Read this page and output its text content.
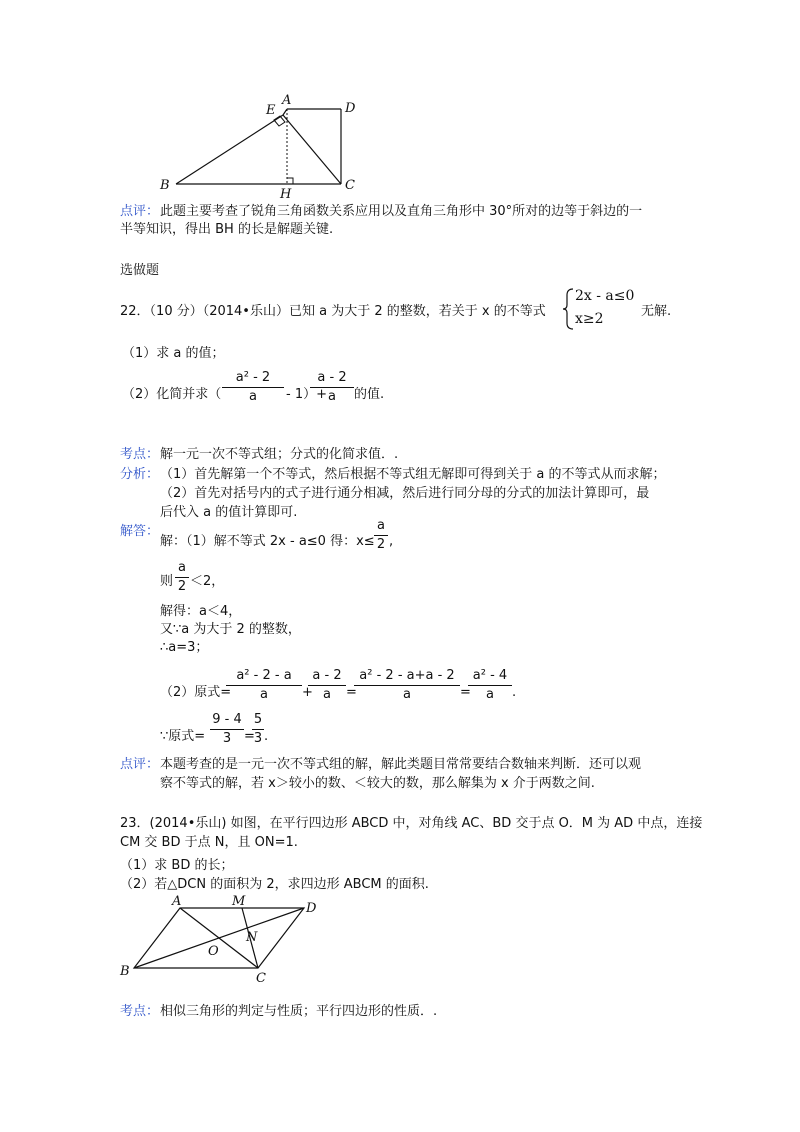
A
D
E
B
H
C
点评： 此题主要考查了锐角三角函数关系应用以及直角三角形中 30°所对的边等于斜边的一
半等知识，得出 BH 的长是解题关键.
选做题
22．（10 分）（2014•乐山）已知 a 为大于 2 的整数，若关于 x 的不等式
2x - a≤0
x≥2	无解.
（1）求 a 的值；
（2）化简并求（
a² - 2
a	- 1）+
a - 2
a	的值.
考点： 解一元一次不等式组；分式的化简求值．.
分析： （1）首先解第一个不等式，然后根据不等式组无解即可得到关于 a 的不等式从而求解；
（2）首先对括号内的式子进行通分相减，然后进行同分母的分式的加法计算即可，最
后代入 a 的值计算即可.
解答：
解：（1）解不等式 2x - a≤0 得：x≤
a
2 ,
则
a
2 ＜2，
解得：a＜4，
又∵a 为大于 2 的整数，
∴a=3；
（2）原式=
a² - 2 - a
a	+
a - 2
a	=
a² - 2 - a+a - 2
a	=
a² - 4
a	.
∵原式=
9 - 4
3 =
5
3 .
点评： 本题考查的是一元一次不等式组的解，解此类题目常常要结合数轴来判断．还可以观
察不等式的解，若 x＞较小的数、＜较大的数，那么解集为 x 介于两数之间.
23．(2014•乐山) 如图，在平行四边形 ABCD 中，对角线 AC、BD 交于点 O．M 为 AD 中点，连接
CM 交 BD 于点 N，且 ON=1.
（1）求 BD 的长；
（2）若△DCN 的面积为 2，求四边形 ABCM 的面积.
A	M	D
N
O
B	C
考点： 相似三角形的判定与性质；平行四边形的性质．.
